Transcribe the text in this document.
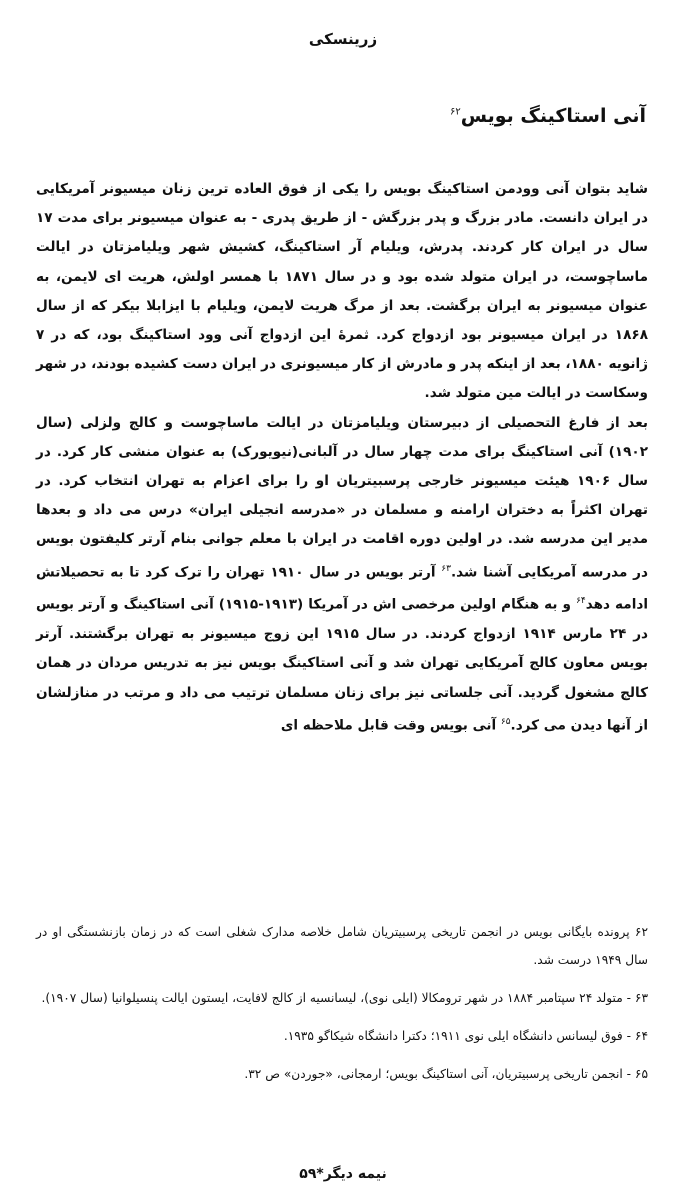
زرینسکی
آنی استاکینگ بویس$^{۶۲}$

شاید بتوان آنی وودمن استاکینگ بویس را یکی از فوق العاده ترین زنان میسیونر آمریکایی در ایران دانست. مادر بزرگ و پدر بزرگش - از طریق پدری - به عنوان میسیونر برای مدت ۱۷ سال در ایران کار کردند. پدرش، ویلیام آر استاکینگ، کشیش شهر ویلیامزتان در ایالت ماساچوست، در ایران متولد شده بود و در سال ۱۸۷۱ با همسر اولش، هریت ای لایمن، به عنوان میسیونر به ایران برگشت. بعد از مرگ هریت لایمن، ویلیام با ایزابلا بیکر که از سال ۱۸۶۸ در ایران میسیونر بود ازدواج کرد. ثمرهٔ این ازدواج آنی وود استاکینگ بود، که در ۷ ژانویه ۱۸۸۰، بعد از اینکه پدر و مادرش از کار میسیونری در ایران دست کشیده بودند، در شهر وسکاست در ایالت مین متولد شد.

بعد از فارغ التحصیلی از دبیرستان ویلیامزتان در ایالت ماساچوست و کالج ولزلی (سال ۱۹۰۲) آنی استاکینگ برای مدت چهار سال در آلبانی(نیویورک) به عنوان منشی کار کرد. در سال ۱۹۰۶ هیئت میسیونر خارجی پرسبیتریان او را برای اعزام به تهران انتخاب کرد. در تهران اکثراً به دختران ارامنه و مسلمان در «مدرسه انجیلی ایران» درس می داد و بعدها مدیر این مدرسه شد. در اولین دوره اقامت در ایران با معلم جوانی بنام آرتر کلیفتون بویس در مدرسه آمریکایی آشنا شد.$^{۶۳}$ آرتر بویس در سال ۱۹۱۰ تهران را ترک کرد تا به تحصیلاتش ادامه دهد$^{۶۴}$ و به هنگام اولین مرخصی اش در آمریکا (۱۹۱۳-۱۹۱۵) آنی استاکینگ و آرتر بویس در ۲۴ مارس ۱۹۱۴ ازدواج کردند. در سال ۱۹۱۵ این زوج میسیونر به تهران برگشتند. آرتر بویس معاون کالج آمریکایی تهران شد و آنی استاکینگ بویس نیز به تدریس مردان در همان کالج مشغول گردید. آنی جلساتی نیز برای زنان مسلمان ترتیب می داد و مرتب در منازلشان از آنها دیدن می کرد.$^{۶۵}$ آنی بویس وقت قابل ملاحظه ای

۶۲ پرونده بایگانی بویس در انجمن تاریخی پرسبیتریان شامل خلاصه مدارک شغلی است که در زمان بازنشستگی او در سال ۱۹۴۹ درست شد.

۶۳ - متولد ۲۴ سپتامبر ۱۸۸۴ در شهر ترومکالا (ایلی نوی)، لیسانسیه از کالج لافایت، ایستون ایالت پنسیلوانیا (سال ۱۹۰۷).

۶۴ - فوق لیسانس دانشگاه ایلی نوی ۱۹۱۱؛ دکترا دانشگاه شیکاگو ۱۹۳۵.

۶۵ - انجمن تاریخی پرسبیتریان، آنی استاکینگ بویس؛ ارمجانی، «جوردن» ص ۳۲.

نیمه دیگر*۵۹
